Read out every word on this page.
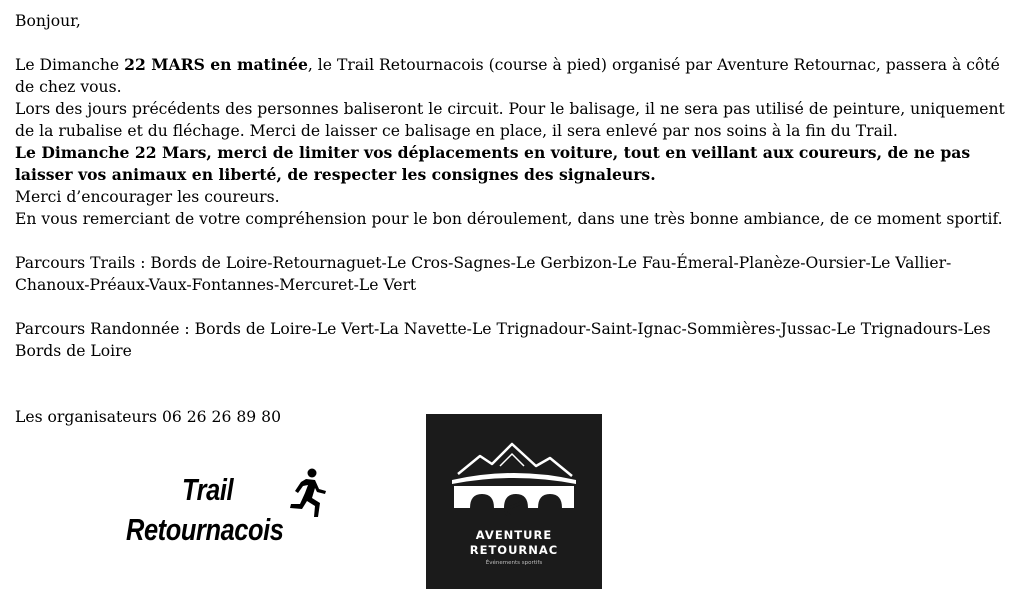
Bonjour,

Le Dimanche 22 MARS en matinée, le Trail Retournacois (course à pied) organisé par Aventure Retournac, passera à côté de chez vous.

Lors des jours précédents des personnes baliseront le circuit. Pour le balisage, il ne sera pas utilisé de peinture, uniquement de la rubalise et du fléchage. Merci de laisser ce balisage en place, il sera enlevé par nos soins à la fin du Trail.

Le Dimanche 22 Mars, merci de limiter vos déplacements en voiture, tout en veillant aux coureurs, de ne pas laisser vos animaux en liberté, de respecter les consignes des signaleurs.

Merci d’encourager les coureurs.

En vous remerciant de votre compréhension pour le bon déroulement, dans une très bonne ambiance, de ce moment sportif.

Parcours Trails : Bords de Loire-Retournaguet-Le Cros-Sagnes-Le Gerbizon-Le Fau-Émeral-Planèze-Oursier-Le Vallier-Chanoux-Préaux-Vaux-Fontannes-Mercuret-Le Vert

Parcours Randonnée : Bords de Loire-Le Vert-La Navette-Le Trignadour-Saint-Ignac-Sommières-Jussac-Le Trignadours-Les Bords de Loire

Les organisateurs 06 26 26 89 80

Trail
Retournacois	AVENTURE
RETOURNAC
Événements sportifs
